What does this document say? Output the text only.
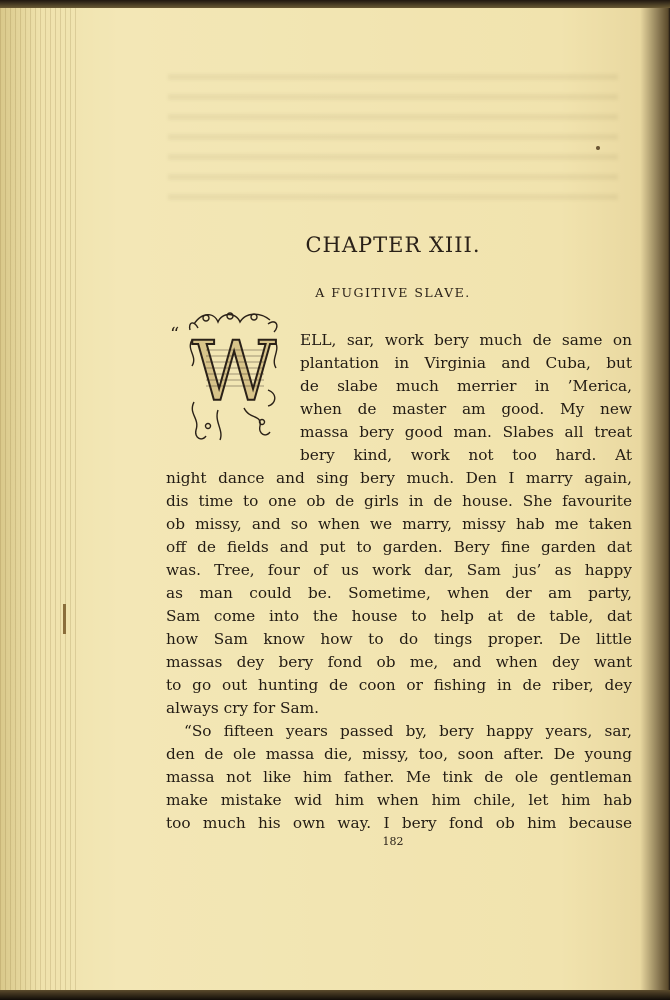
CHAPTER XIII.
A FUGITIVE SLAVE.
“ W ELL, sar, work bery much de same on
plantation in Virginia and Cuba, but
de slabe much merrier in ’Merica,
when de master am good. My new
massa bery good man. Slabes all treat
bery kind, work not too hard. At
night dance and sing bery much. Den I marry again,
dis time to one ob de girls in de house. She favourite
ob missy, and so when we marry, missy hab me taken
off de fields and put to garden. Bery fine garden dat
was. Tree, four of us work dar, Sam jus’ as happy
as man could be. Sometime, when der am party,
Sam come into the house to help at de table, dat
how Sam know how to do tings proper. De little
massas dey bery fond ob me, and when dey want
to go out hunting de coon or fishing in de riber, dey
always cry for Sam.
“So fifteen years passed by, bery happy years, sar,
den de ole massa die, missy, too, soon after. De young
massa not like him father. Me tink de ole gentleman
make mistake wid him when him chile, let him hab
too much his own way. I bery fond ob him because
182
